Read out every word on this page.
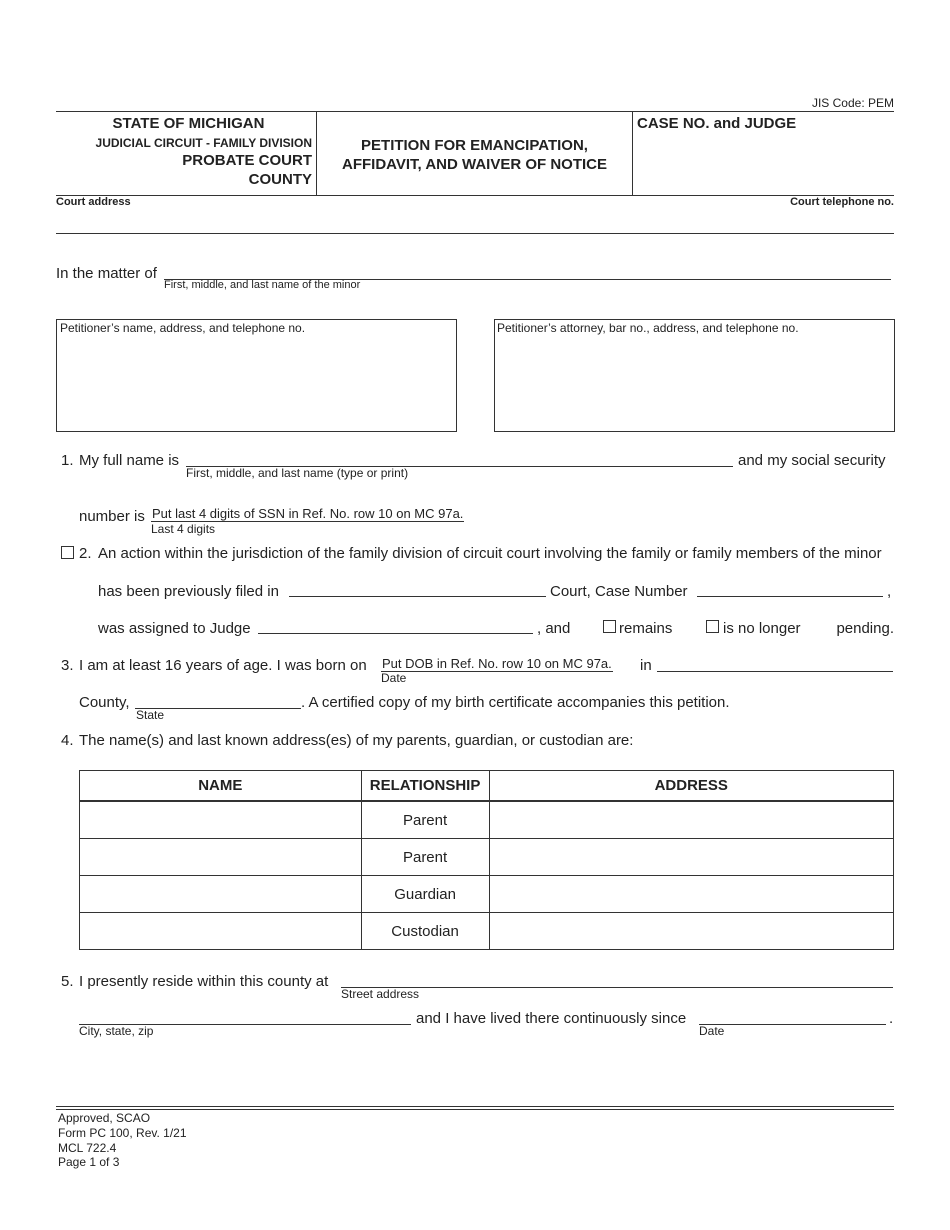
JIS Code: PEM
STATE OF MICHIGAN
JUDICIAL CIRCUIT - FAMILY DIVISION
PROBATE COURT
COUNTY
PETITION FOR EMANCIPATION,
AFFIDAVIT, AND WAIVER OF NOTICE
CASE NO. and JUDGE
Court address	Court telephone no.
In the matter of
First, middle, and last name of the minor
Petitioner’s name, address, and telephone no.	Petitioner’s attorney, bar no., address, and telephone no.
1. My full name is
First, middle, and last name (type or print)
and my social security
number is Put last 4 digits of SSN in Ref. No. row 10 on MC 97a.
Last 4 digits
2. An action within the jurisdiction of the family division of circuit court involving the family or family members of the minor
has been previously filed in	Court, Case Number	,
was assigned to Judge	, and	remains	is no longer pending.
3. I am at least 16 years of age. I was born on Put DOB in Ref. No. row 10 on MC 97a.
Date
in
County,
State
. A certified copy of my birth certificate accompanies this petition.
4. The name(s) and last known address(es) of my parents, guardian, or custodian are:
NAME	RELATIONSHIP	ADDRESS
	Parent	
	Parent	
	Guardian	
	Custodian	
5. I presently reside within this county at
Street address
City, state, zip
and I have lived there continuously since
Date
.
Approved, SCAO
Form PC 100, Rev. 1/21
MCL 722.4
Page 1 of 3
